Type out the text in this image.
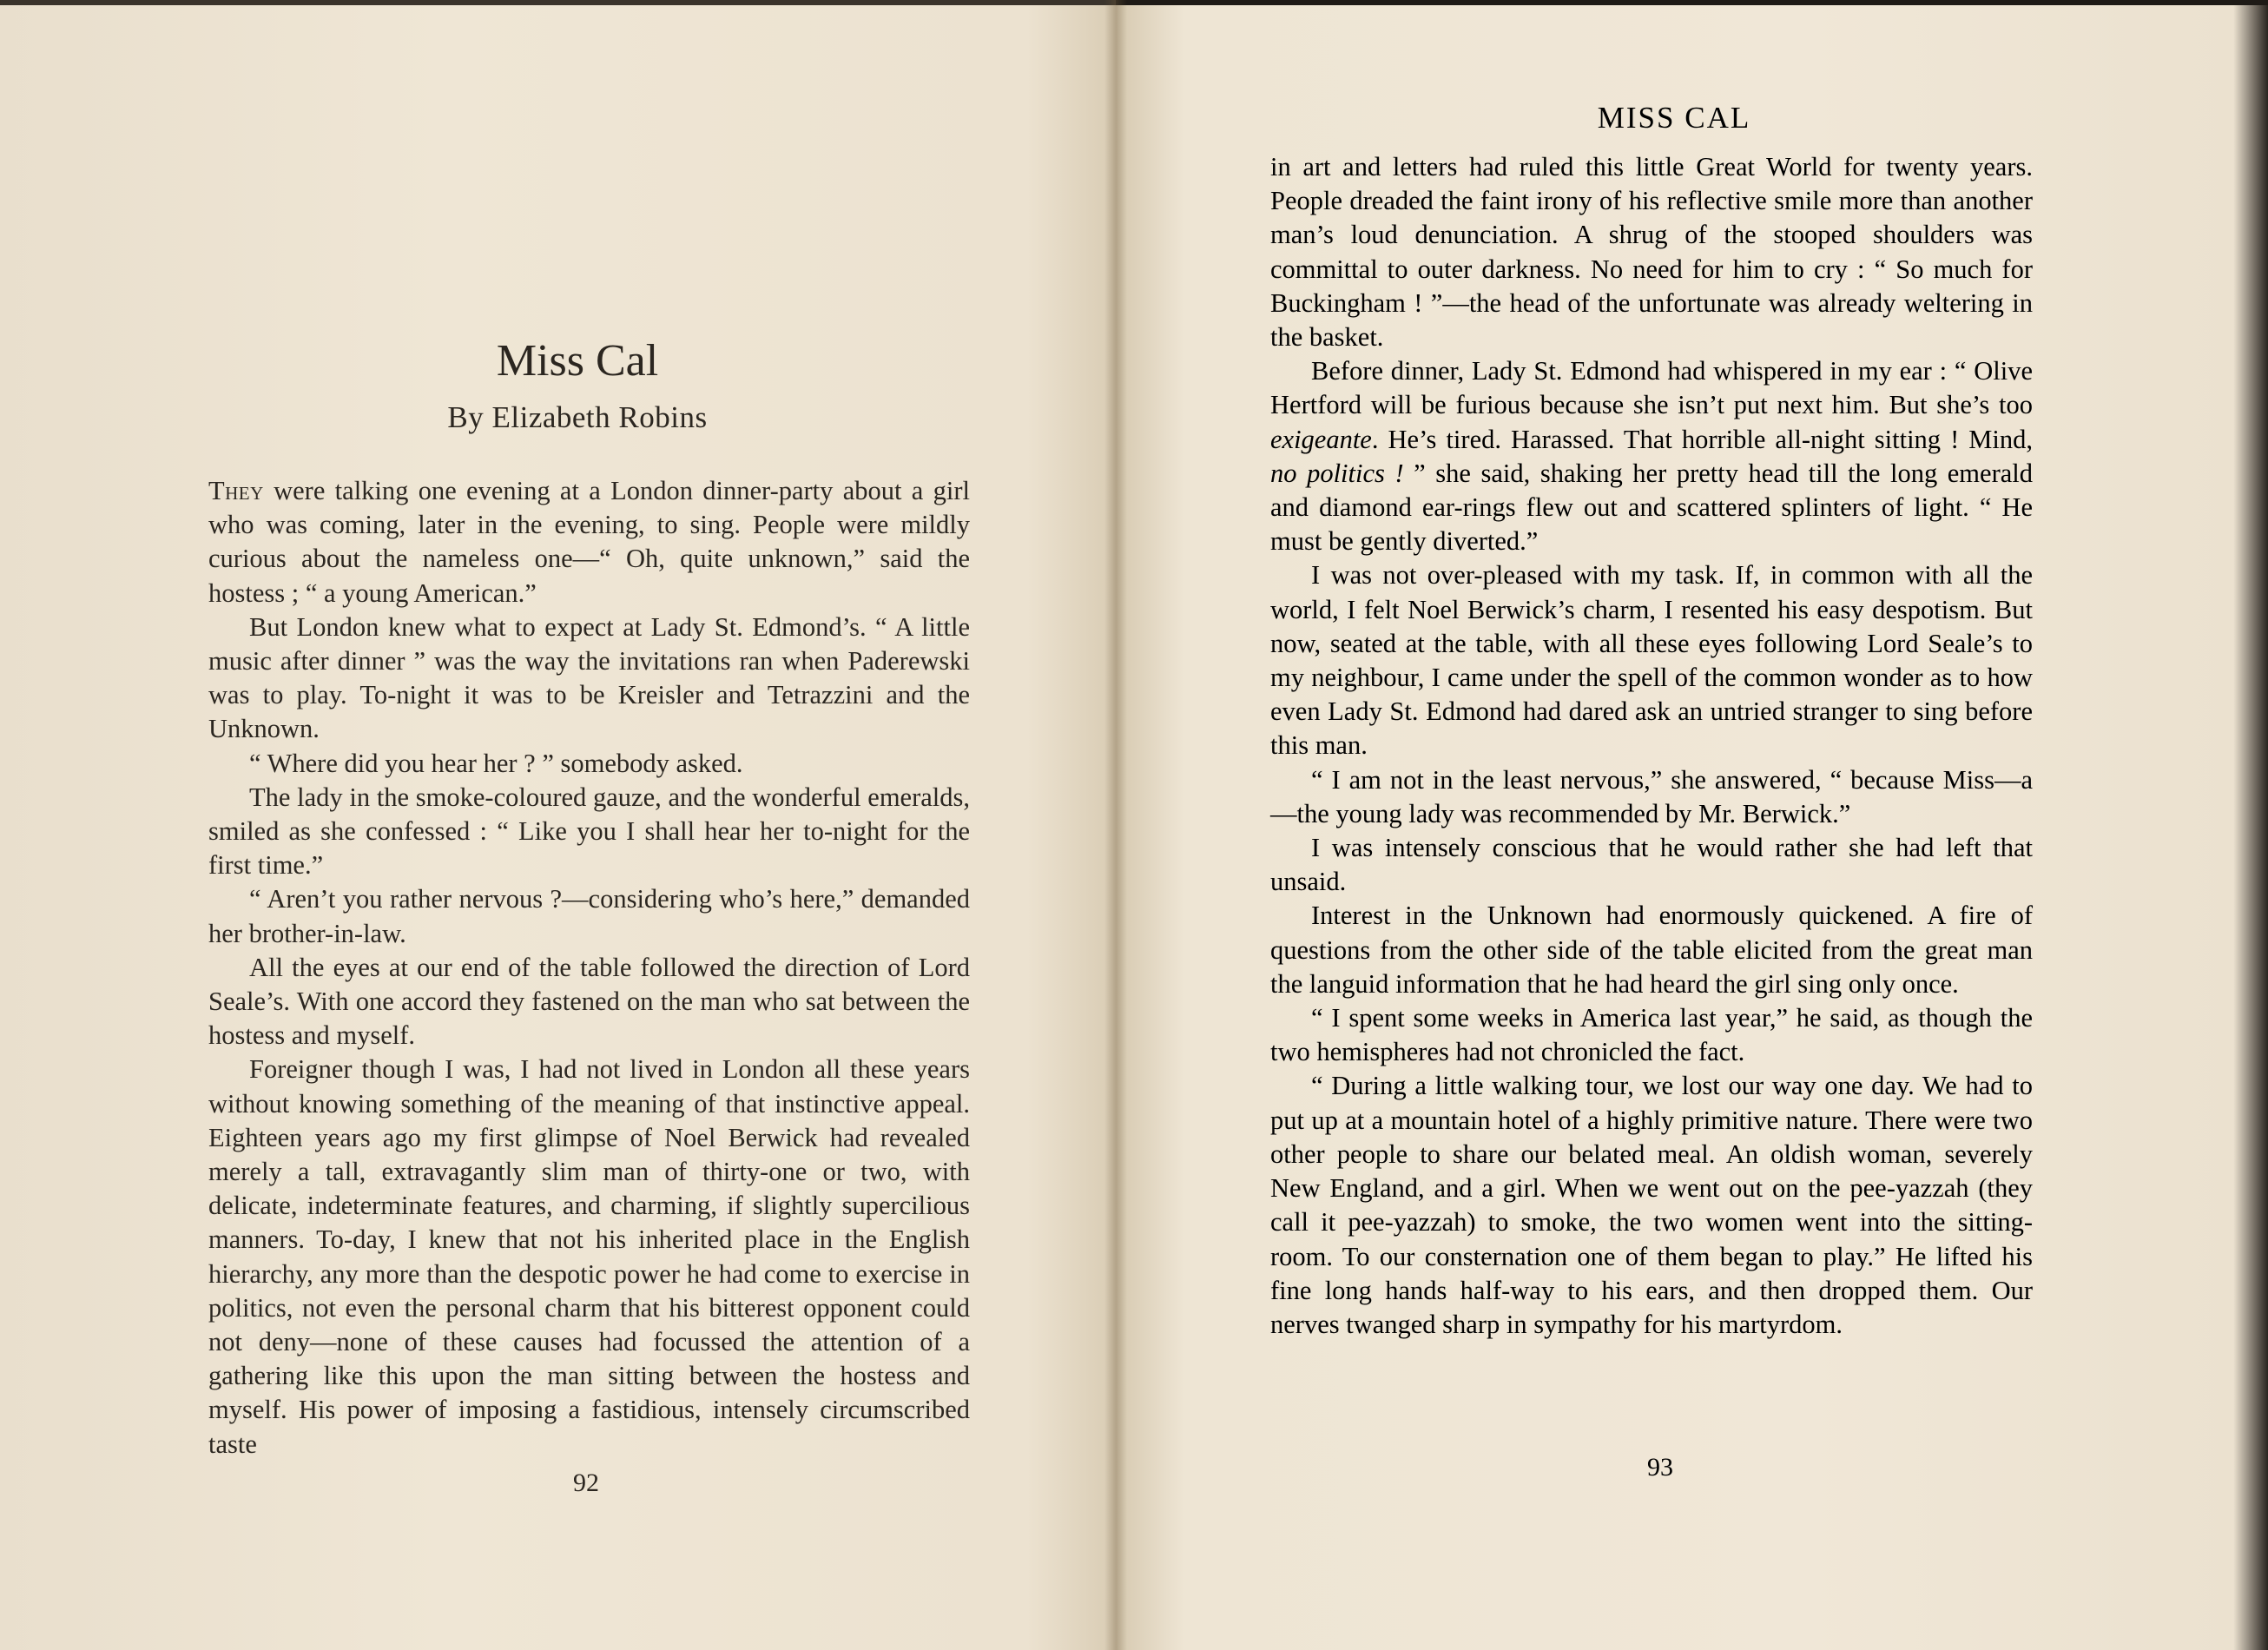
Miss Cal
By Elizabeth Robins

They were talking one evening at a London dinner-party about a girl who was coming, later in the evening, to sing. People were mildly curious about the nameless one—“ Oh, quite unknown,” said the hostess ; “ a young American.”

But London knew what to expect at Lady St. Edmond’s. “ A little music after dinner ” was the way the invitations ran when Paderewski was to play. To-night it was to be Kreisler and Tetrazzini and the Unknown.

“ Where did you hear her ? ” somebody asked.

The lady in the smoke-coloured gauze, and the wonderful emeralds, smiled as she confessed : “ Like you I shall hear her to-night for the first time.”

“ Aren’t you rather nervous ?—considering who’s here,” demanded her brother-in-law.

All the eyes at our end of the table followed the direction of Lord Seale’s. With one accord they fastened on the man who sat between the hostess and myself.

Foreigner though I was, I had not lived in London all these years without knowing something of the meaning of that instinctive appeal. Eighteen years ago my first glimpse of Noel Berwick had revealed merely a tall, extravagantly slim man of thirty-one or two, with delicate, indeterminate features, and charming, if slightly supercilious manners. To-day, I knew that not his inherited place in the English hierarchy, any more than the despotic power he had come to exercise in politics, not even the personal charm that his bitterest opponent could not deny—none of these causes had focussed the attention of a gathering like this upon the man sitting between the hostess and myself. His power of imposing a fastidious, intensely circumscribed taste

92
MISS CAL

in art and letters had ruled this little Great World for twenty years. People dreaded the faint irony of his reflective smile more than another man’s loud denunciation. A shrug of the stooped shoulders was committal to outer darkness. No need for him to cry : “ So much for Buckingham ! ”—the head of the unfortunate was already weltering in the basket.

Before dinner, Lady St. Edmond had whispered in my ear : “ Olive Hertford will be furious because she isn’t put next him. But she’s too exigeante. He’s tired. Harassed. That horrible all-night sitting ! Mind, no politics ! ” she said, shaking her pretty head till the long emerald and diamond ear-rings flew out and scattered splinters of light. “ He must be gently diverted.”

I was not over-pleased with my task. If, in common with all the world, I felt Noel Berwick’s charm, I resented his easy despotism. But now, seated at the table, with all these eyes following Lord Seale’s to my neighbour, I came under the spell of the common wonder as to how even Lady St. Edmond had dared ask an untried stranger to sing before this man.

“ I am not in the least nervous,” she answered, “ because Miss—a—the young lady was recommended by Mr. Berwick.”

I was intensely conscious that he would rather she had left that unsaid.

Interest in the Unknown had enormously quickened. A fire of questions from the other side of the table elicited from the great man the languid information that he had heard the girl sing only once.

“ I spent some weeks in America last year,” he said, as though the two hemispheres had not chronicled the fact.

“ During a little walking tour, we lost our way one day. We had to put up at a mountain hotel of a highly primitive nature. There were two other people to share our belated meal. An oldish woman, severely New England, and a girl. When we went out on the pee-yazzah (they call it pee-yazzah) to smoke, the two women went into the sitting-room. To our consternation one of them began to play.” He lifted his fine long hands half-way to his ears, and then dropped them. Our nerves twanged sharp in sympathy for his martyrdom.

93
